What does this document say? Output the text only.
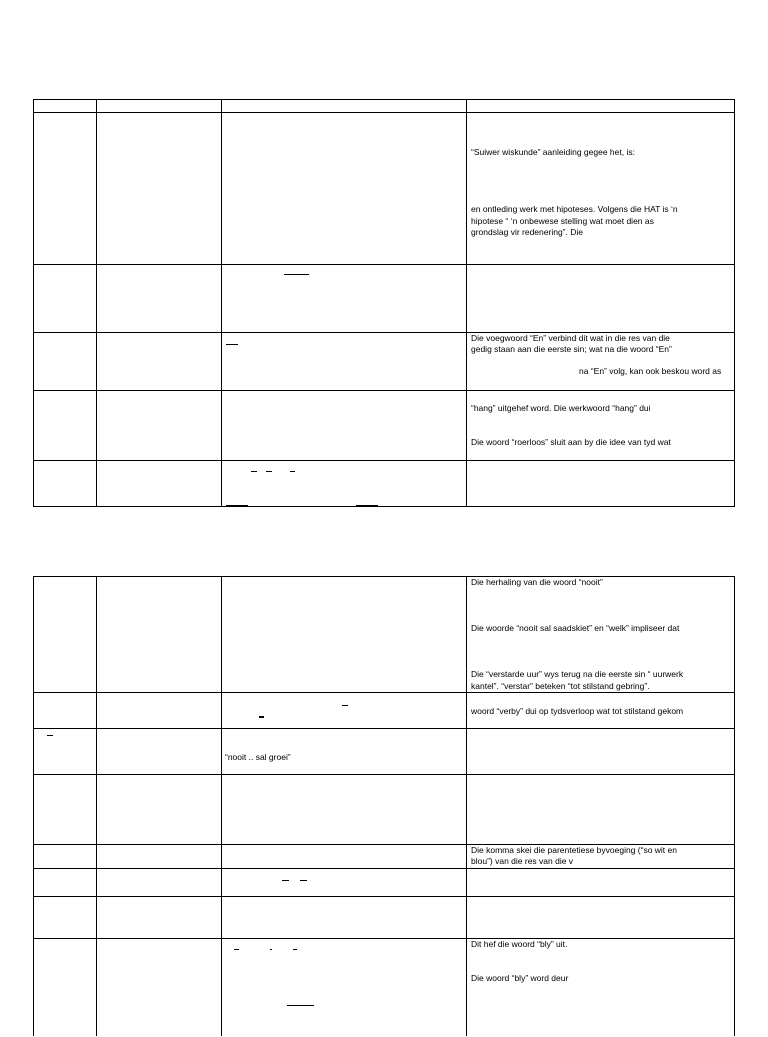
“Suiwer wiskunde” aanleiding gegee het, is:
en ontleding werk met hipoteses. Volgens die HAT is ‘n
hipotese “ ‘n onbewese stelling wat moet dien as
grondslag vir redenering”. Die
Die voegwoord “En” verbind dit wat in die res van die
gedig staan aan die eerste sin; wat na die woord “En”
na “En” volg, kan ook beskou word as
“hang” uitgehef word. Die werkwoord “hang” dui
Die woord “roerloos” sluit aan by die idee van tyd wat
Die herhaling van die woord “nooit”
Die woorde “nooit sal saadskiet” en “welk” impliseer dat
Die “verstarde uur” wys terug na die eerste sin “ uurwerk
kantel”. “verstar” beteken “tot stilstand gebring”.
woord “verby” dui op tydsverloop wat tot stilstand gekom
“nooit .. sal groei”
Die komma skei die parentetiese byvoeging (“so wit en
blou”) van die res van die v
Dit hef die woord “bly” uit.
Die woord “bly” word deur
